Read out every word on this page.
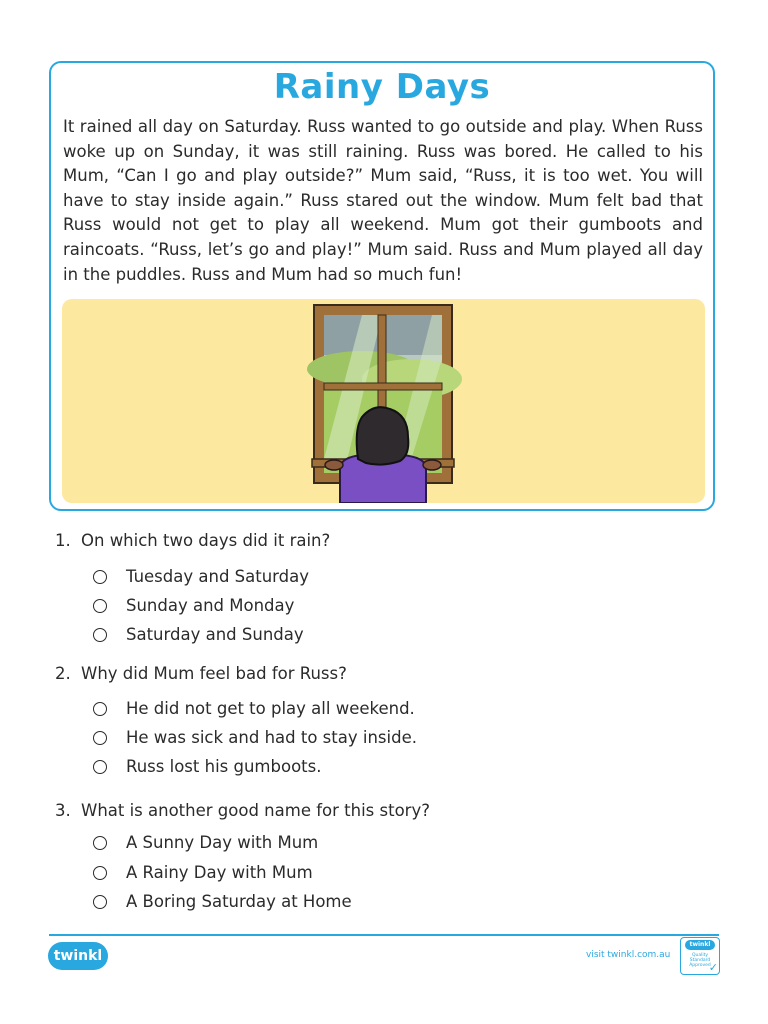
Rainy Days
It rained all day on Saturday. Russ wanted to go outside and play. When Russ woke up on Sunday, it was still raining. Russ was bored. He called to his Mum, “Can I go and play outside?” Mum said, “Russ, it is too wet. You will have to stay inside again.” Russ stared out the window. Mum felt bad that Russ would not get to play all weekend. Mum got their gumboots and raincoats. “Russ, let’s go and play!” Mum said. Russ and Mum played all day in the puddles. Russ and Mum had so much fun!
1. On which two days did it rain?
Tuesday and Saturday
Sunday and Monday
Saturday and Sunday
2. Why did Mum feel bad for Russ?
He did not get to play all weekend.
He was sick and had to stay inside.
Russ lost his gumboots.
3. What is another good name for this story?
A Sunny Day with Mum
A Rainy Day with Mum
A Boring Saturday at Home
twinkl	visit twinkl.com.au
twinkl
Quality Standard Approved
✓
